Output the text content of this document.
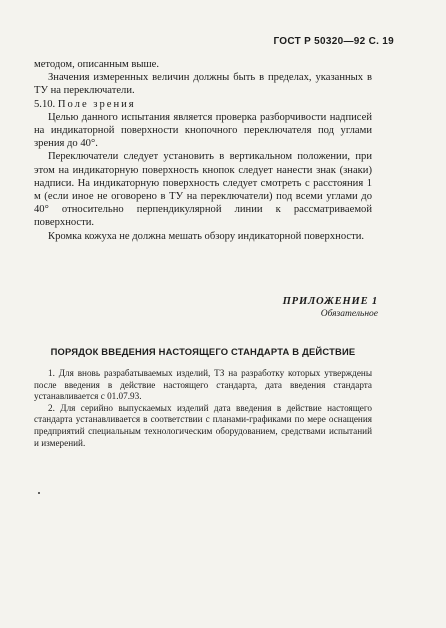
ГОСТ Р 50320—92 С. 19

методом, описанным выше.

Значения измеренных величин должны быть в пределах, указанных в ТУ на переключатели.

5.10. Поле зрения

Целью данного испытания является проверка разборчивости надписей на индикаторной поверхности кнопочного переключателя под углами зрения до 40°.

Переключатели следует установить в вертикальном положении, при этом на индикаторную поверхность кнопок следует нанести знак (знаки) надписи. На индикаторную поверхность следует смотреть с расстояния 1 м (если иное не оговорено в ТУ на переключатели) под всеми углами до 40° относительно перпендикулярной линии к рассматриваемой поверхности.

Кромка кожуха не должна мешать обзору индикаторной поверхности.

ПРИЛОЖЕНИЕ 1
Обязательное
ПОРЯДОК ВВЕДЕНИЯ НАСТОЯЩЕГО СТАНДАРТА В ДЕЙСТВИЕ

1. Для вновь разрабатываемых изделий, ТЗ на разработку которых утверждены после введения в действие настоящего стандарта, дата введения стандарта устанавливается с 01.07.93.

2. Для серийно выпускаемых изделий дата введения в действие настоящего стандарта устанавливается в соответствии с планами-графиками по мере оснащения предприятий специальным технологическим оборудованием, средствами испытаний и измерений.
